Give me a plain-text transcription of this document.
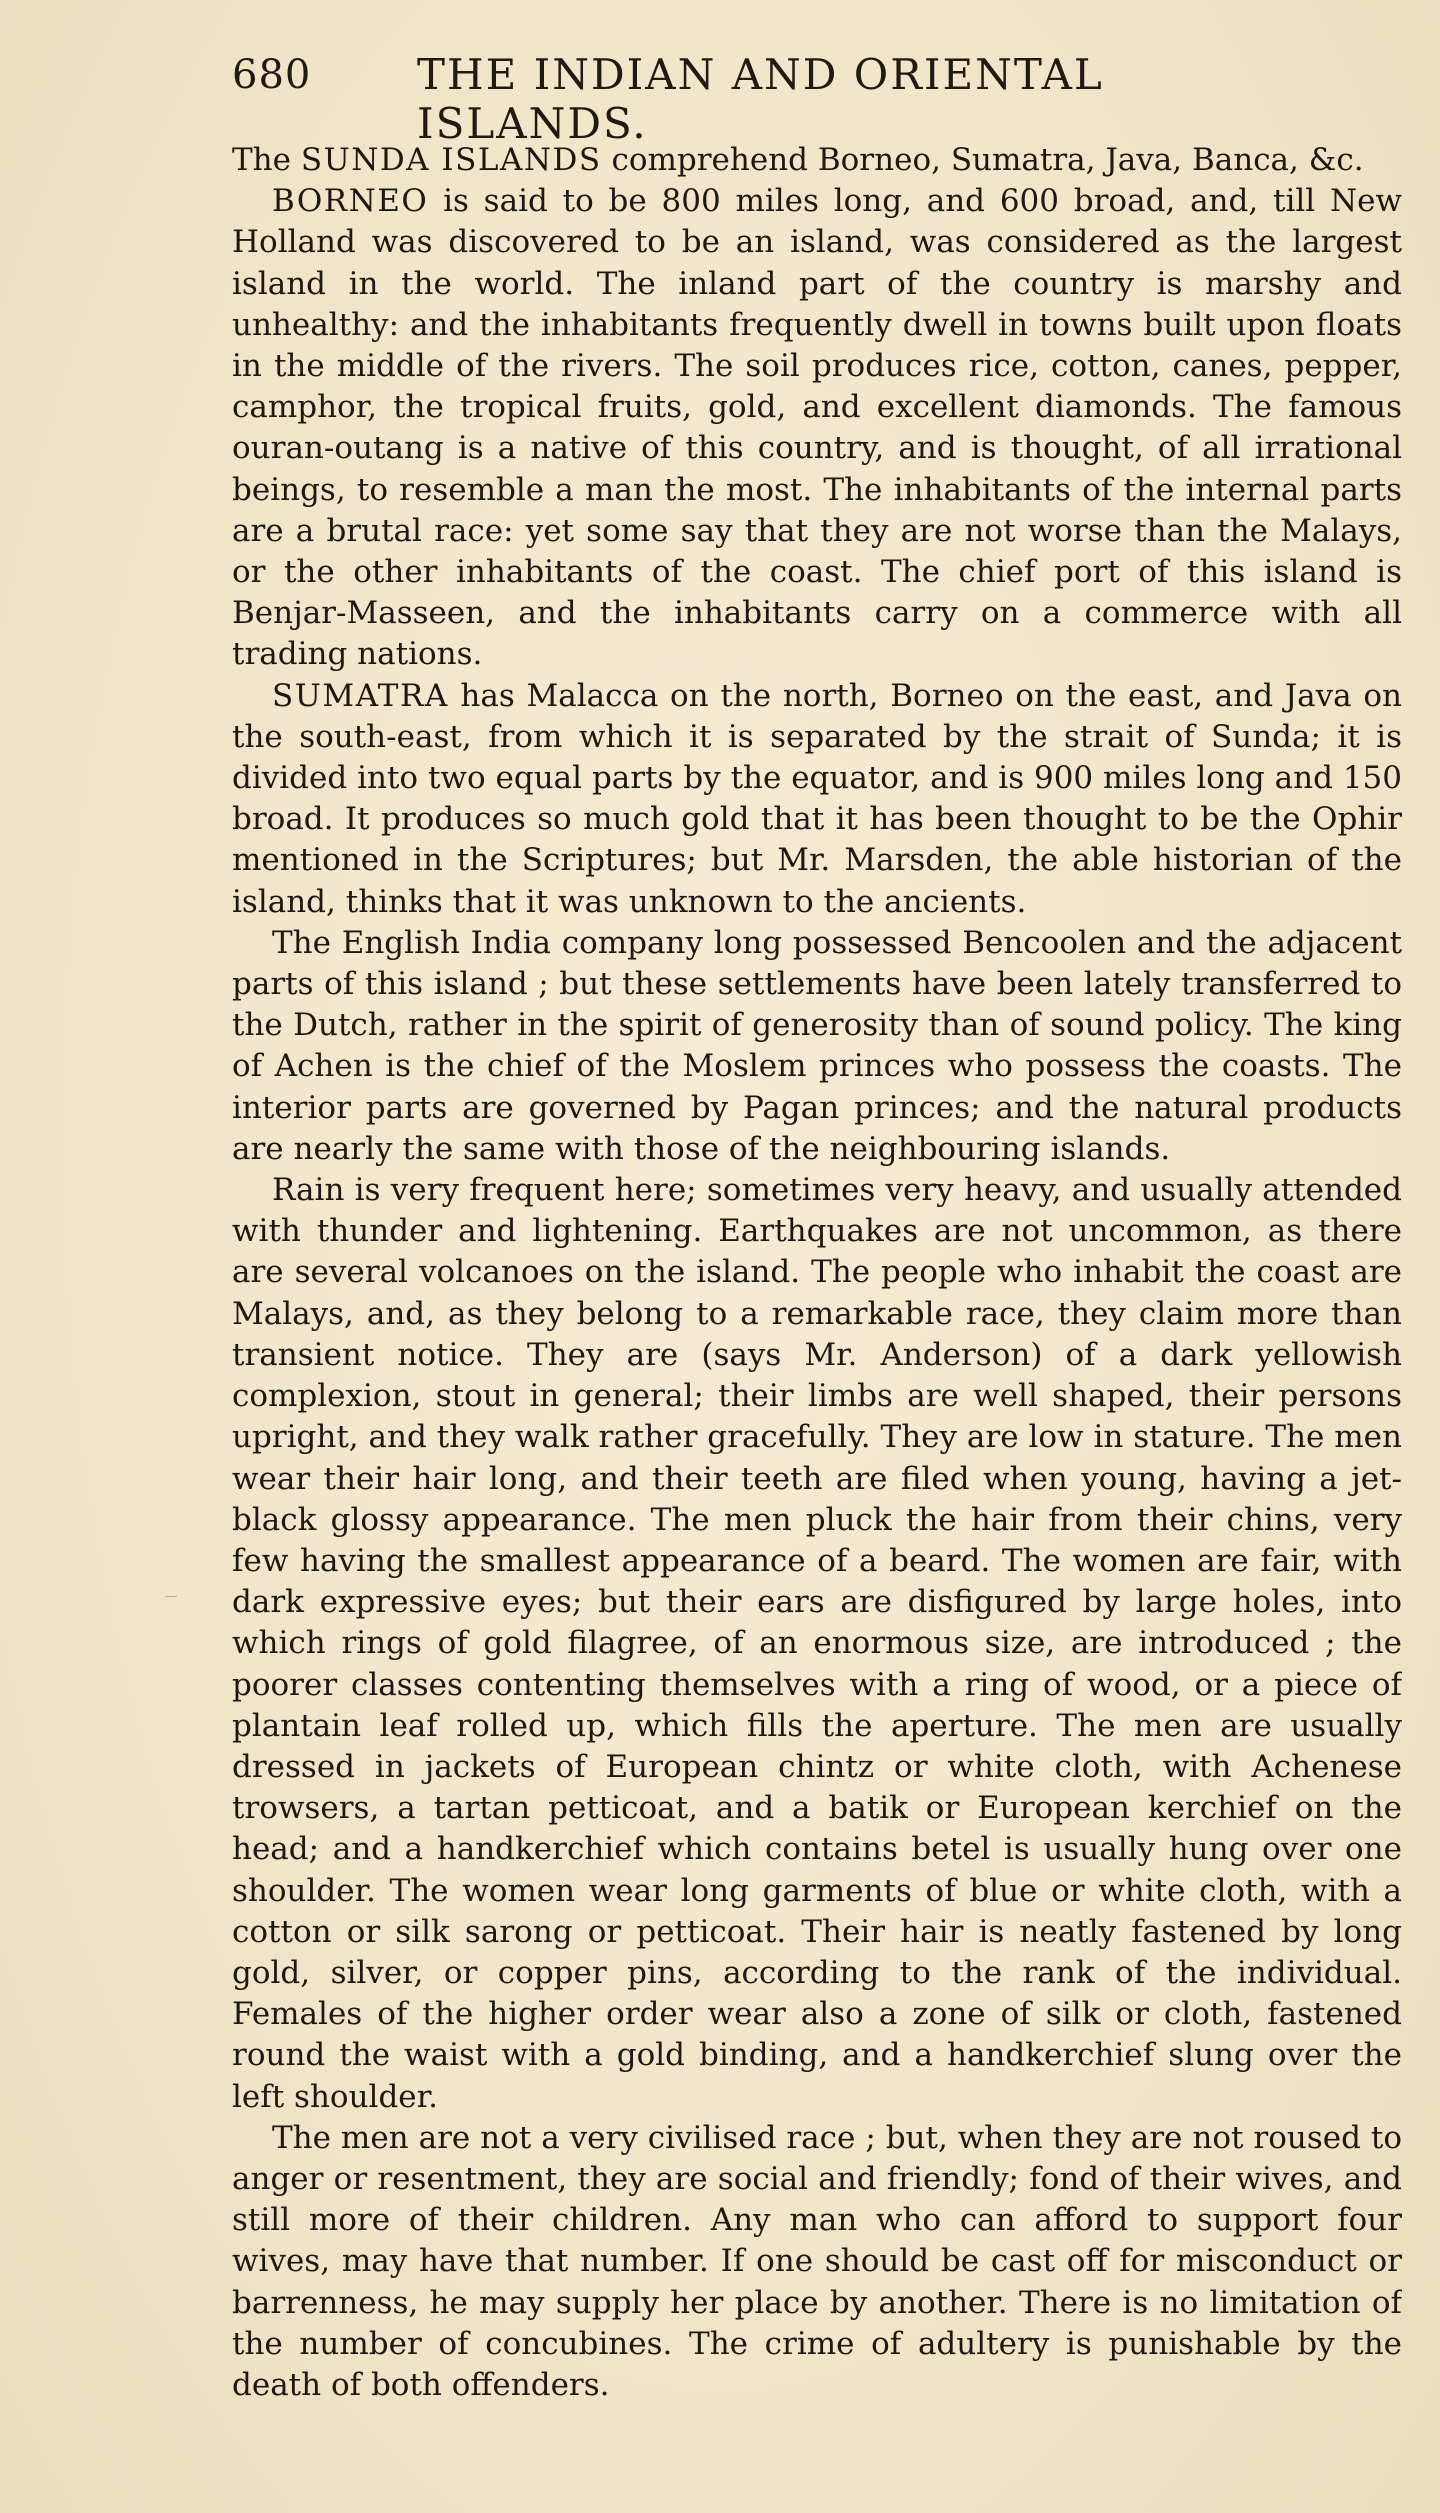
680	THE INDIAN AND ORIENTAL ISLANDS.

The SUNDA ISLANDS comprehend Borneo, Sumatra, Java, Banca, &c.

BORNEO is said to be 800 miles long, and 600 broad, and, till New Holland was discovered to be an island, was considered as the largest island in the world. The inland part of the country is marshy and unhealthy: and the inhabitants frequently dwell in towns built upon floats in the middle of the rivers. The soil produces rice, cotton, canes, pepper, camphor, the tropical fruits, gold, and excellent diamonds. The famous ouran-outang is a native of this country, and is thought, of all irrational beings, to resemble a man the most. The inhabitants of the internal parts are a brutal race: yet some say that they are not worse than the Malays, or the other inhabitants of the coast. The chief port of this island is Benjar-Masseen, and the inhabitants carry on a commerce with all trading nations.

SUMATRA has Malacca on the north, Borneo on the east, and Java on the south-east, from which it is separated by the strait of Sunda; it is divided into two equal parts by the equator, and is 900 miles long and 150 broad. It produces so much gold that it has been thought to be the Ophir mentioned in the Scriptures; but Mr. Marsden, the able historian of the island, thinks that it was unknown to the ancients.

The English India company long possessed Bencoolen and the adjacent parts of this island ; but these settlements have been lately transferred to the Dutch, rather in the spirit of generosity than of sound policy. The king of Achen is the chief of the Moslem princes who possess the coasts. The interior parts are governed by Pagan princes; and the natural products are nearly the same with those of the neighbouring islands.

Rain is very frequent here; sometimes very heavy, and usually attended with thunder and lightening. Earthquakes are not uncommon, as there are several volcanoes on the island. The people who inhabit the coast are Malays, and, as they belong to a remarkable race, they claim more than transient notice. They are (says Mr. Anderson) of a dark yellowish complexion, stout in general; their limbs are well shaped, their persons upright, and they walk rather gracefully. They are low in stature. The men wear their hair long, and their teeth are filed when young, having a jet-black glossy appearance. The men pluck the hair from their chins, very few having the smallest appearance of a beard. The women are fair, with dark expressive eyes; but their ears are disfigured by large holes, into which rings of gold filagree, of an enormous size, are introduced ; the poorer classes contenting themselves with a ring of wood, or a piece of plantain leaf rolled up, which fills the aperture. The men are usually dressed in jackets of European chintz or white cloth, with Achenese trowsers, a tartan petticoat, and a batik or European kerchief on the head; and a handkerchief which contains betel is usually hung over one shoulder. The women wear long garments of blue or white cloth, with a cotton or silk sarong or petticoat. Their hair is neatly fastened by long gold, silver, or copper pins, according to the rank of the individual. Females of the higher order wear also a zone of silk or cloth, fastened round the waist with a gold binding, and a handkerchief slung over the left shoulder.

The men are not a very civilised race ; but, when they are not roused to anger or resentment, they are social and friendly; fond of their wives, and still more of their children. Any man who can afford to support four wives, may have that number. If one should be cast off for misconduct or barrenness, he may supply her place by another. There is no limitation of the number of concubines. The crime of adultery is punishable by the death of both offenders.
